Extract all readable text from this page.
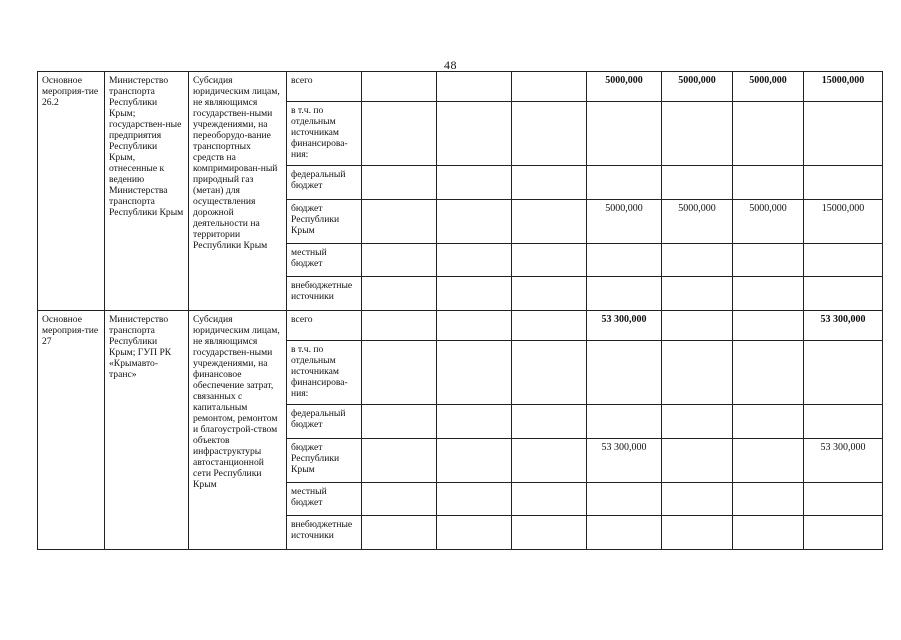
48
Основное мероприя-тие 26.2	Министерство транспорта Республики Крым; государствен-ные предприятия Республики Крым, отнесенные к ведению Министерства транспорта Республики Крым	Субсидия юридическим лицам, не являющимся государствен-ными учреждениями, на переоборудо-вание транспортных средств на компримирован-ный природный газ (метан) для осуществления дорожной деятельности на территории Республики Крым	всего				5000,000	5000,000	5000,000	15000,000
			в т.ч. по отдельным источникам финансирова-ния:							
			федеральный бюджет							
			бюджет Республики Крым				5000,000	5000,000	5000,000	15000,000
			местный бюджет							
			внебюджетные источники							
Основное мероприя-тие 27	Министерство транспорта Республики Крым; ГУП РК «Крымавто-транс»	Субсидия юридическим лицам, не являющимся государствен-ными учреждениями, на финансовое обеспечение затрат, связанных с капитальным ремонтом, ремонтом и благоустрой-ством объектов инфраструктуры автостанционной сети Республики Крым	всего				53 300,000			53 300,000
			в т.ч. по отдельным источникам финансирова-ния:							
			федеральный бюджет							
			бюджет Республики Крым				53 300,000			53 300,000
			местный бюджет							
			внебюджетные источники							
